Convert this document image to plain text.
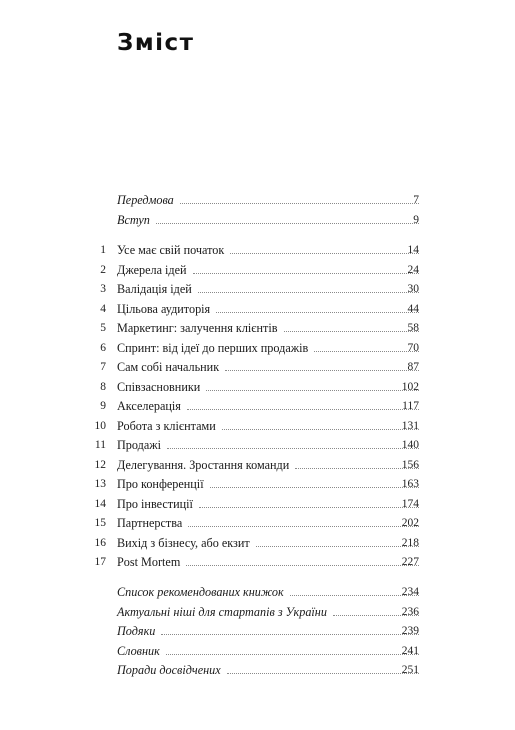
Зміст
Передмова	7
Вступ	9
1 Усе має свій початок	14
2 Джерела ідей	24
3 Валідація ідей	30
4 Цільова аудиторія	44
5 Маркетинг: залучення клієнтів	58
6 Спринт: від ідеї до перших продажів	70
7 Сам собі начальник	87
8 Співзасновники	102
9 Акселерація	117
10 Робота з клієнтами	131
11 Продажі	140
12 Делегування. Зростання команди	156
13 Про конференції	163
14 Про інвестиції	174
15 Партнерства	202
16 Вихід з бізнесу, або екзит	218
17 Post Mortem	227
Список рекомендованих книжок	234
Актуальні ніші для стартапів з України	236
Подяки	239
Словник	241
Поради досвідчених	251
